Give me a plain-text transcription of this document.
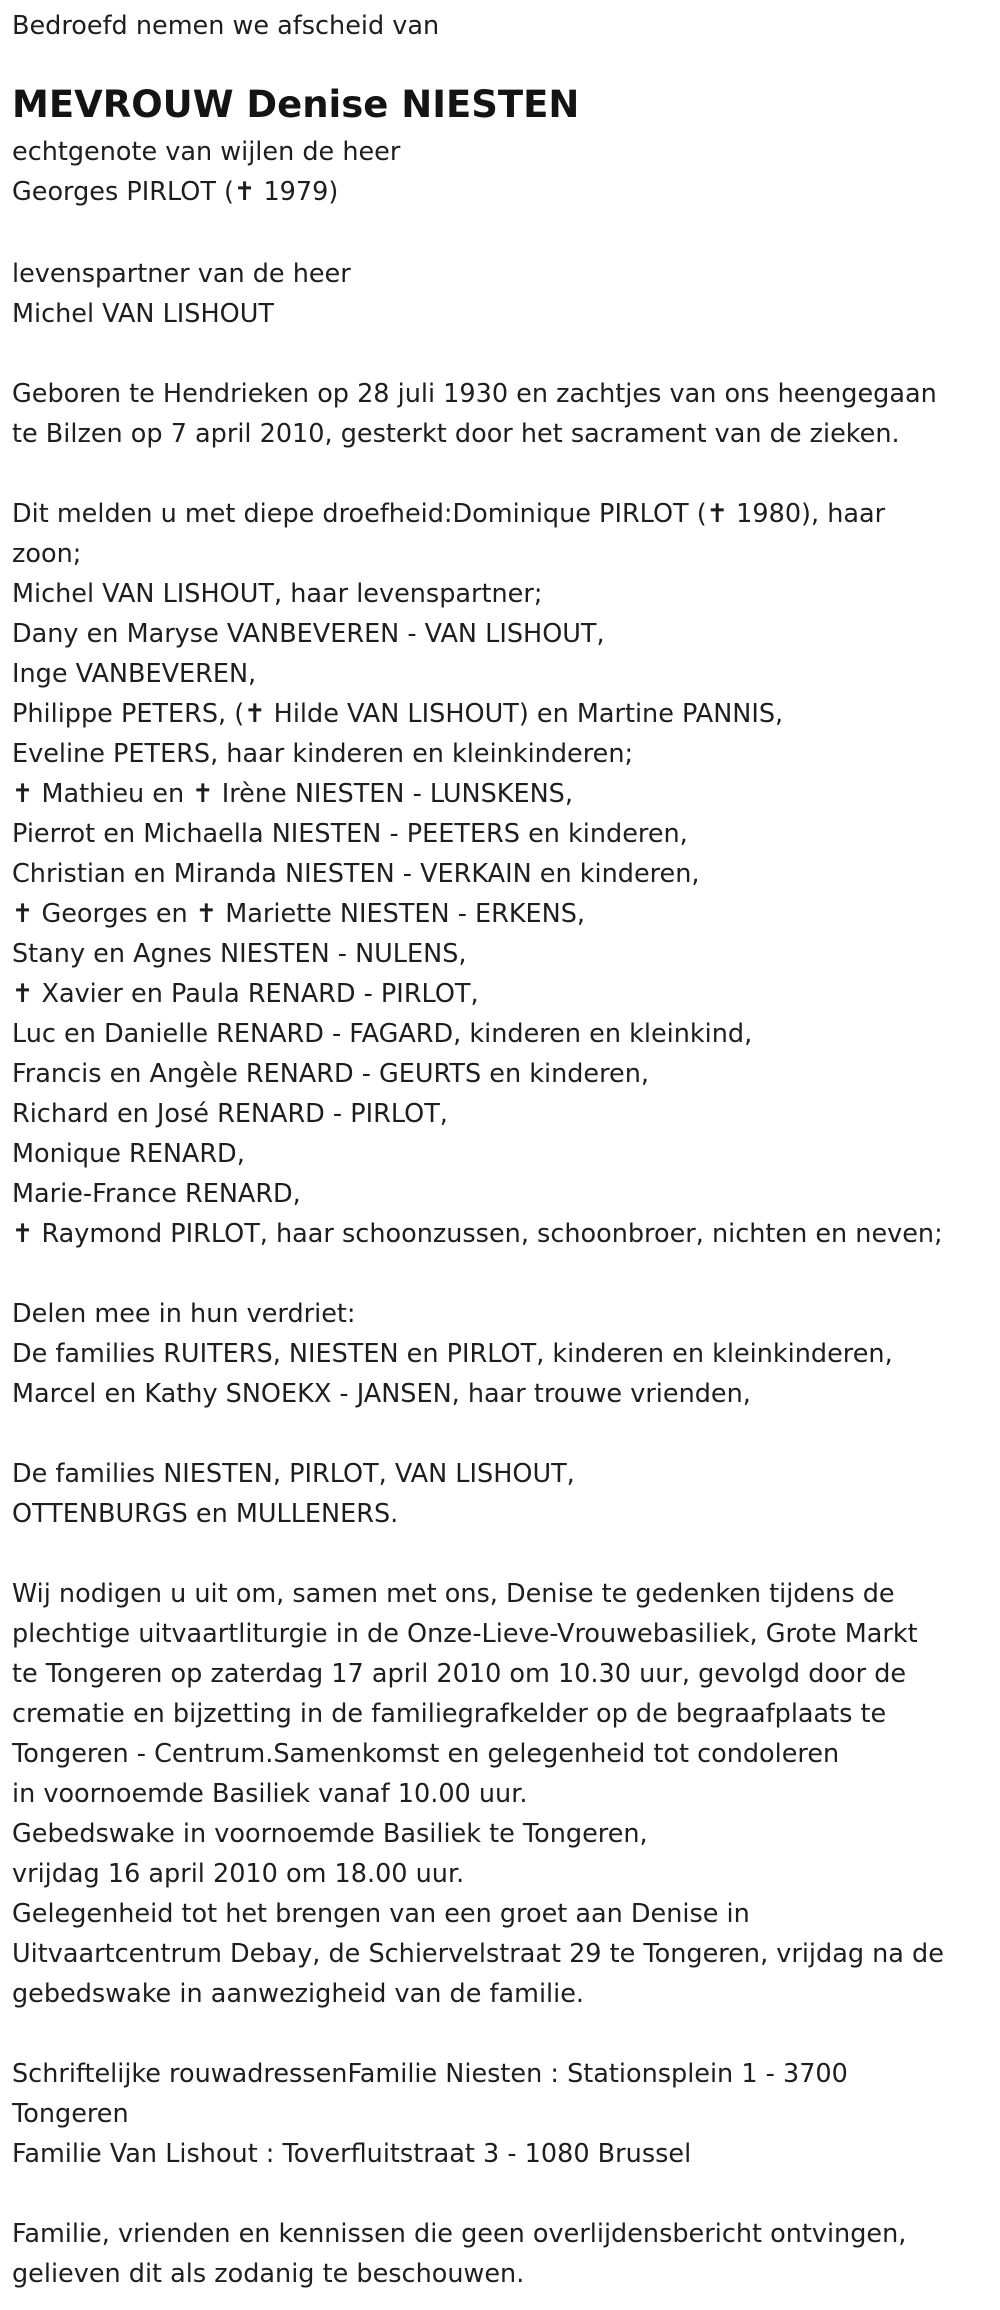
Bedroefd nemen we afscheid van
MEVROUW Denise NIESTEN
echtgenote van wijlen de heer
Georges PIRLOT (✝ 1979)
levenspartner van de heer
Michel VAN LISHOUT
Geboren te Hendrieken op 28 juli 1930 en zachtjes van ons heengegaan
te Bilzen op 7 april 2010, gesterkt door het sacrament van de zieken.
Dit melden u met diepe droefheid:Dominique PIRLOT (✝ 1980), haar
zoon;
Michel VAN LISHOUT, haar levenspartner;
Dany en Maryse VANBEVEREN - VAN LISHOUT,
Inge VANBEVEREN,
Philippe PETERS, (✝ Hilde VAN LISHOUT) en Martine PANNIS,
Eveline PETERS, haar kinderen en kleinkinderen;
✝ Mathieu en ✝ Irène NIESTEN - LUNSKENS,
Pierrot en Michaella NIESTEN - PEETERS en kinderen,
Christian en Miranda NIESTEN - VERKAIN en kinderen,
✝ Georges en ✝ Mariette NIESTEN - ERKENS,
Stany en Agnes NIESTEN - NULENS,
✝ Xavier en Paula RENARD - PIRLOT,
Luc en Danielle RENARD - FAGARD, kinderen en kleinkind,
Francis en Angèle RENARD - GEURTS en kinderen,
Richard en José RENARD - PIRLOT,
Monique RENARD,
Marie-France RENARD,
✝ Raymond PIRLOT, haar schoonzussen, schoonbroer, nichten en neven;
Delen mee in hun verdriet:
De families RUITERS, NIESTEN en PIRLOT, kinderen en kleinkinderen,
Marcel en Kathy SNOEKX - JANSEN, haar trouwe vrienden,
De families NIESTEN, PIRLOT, VAN LISHOUT,
OTTENBURGS en MULLENERS.
Wij nodigen u uit om, samen met ons, Denise te gedenken tijdens de
plechtige uitvaartliturgie in de Onze-Lieve-Vrouwebasiliek, Grote Markt
te Tongeren op zaterdag 17 april 2010 om 10.30 uur, gevolgd door de
crematie en bijzetting in de familiegrafkelder op de begraafplaats te
Tongeren - Centrum.Samenkomst en gelegenheid tot condoleren
in voornoemde Basiliek vanaf 10.00 uur.
Gebedswake in voornoemde Basiliek te Tongeren,
vrijdag 16 april 2010 om 18.00 uur.
Gelegenheid tot het brengen van een groet aan Denise in
Uitvaartcentrum Debay, de Schiervelstraat 29 te Tongeren, vrijdag na de
gebedswake in aanwezigheid van de familie.
Schriftelijke rouwadressenFamilie Niesten : Stationsplein 1 - 3700
Tongeren
Familie Van Lishout : Toverfluitstraat 3 - 1080 Brussel
Familie, vrienden en kennissen die geen overlijdensbericht ontvingen,
gelieven dit als zodanig te beschouwen.
